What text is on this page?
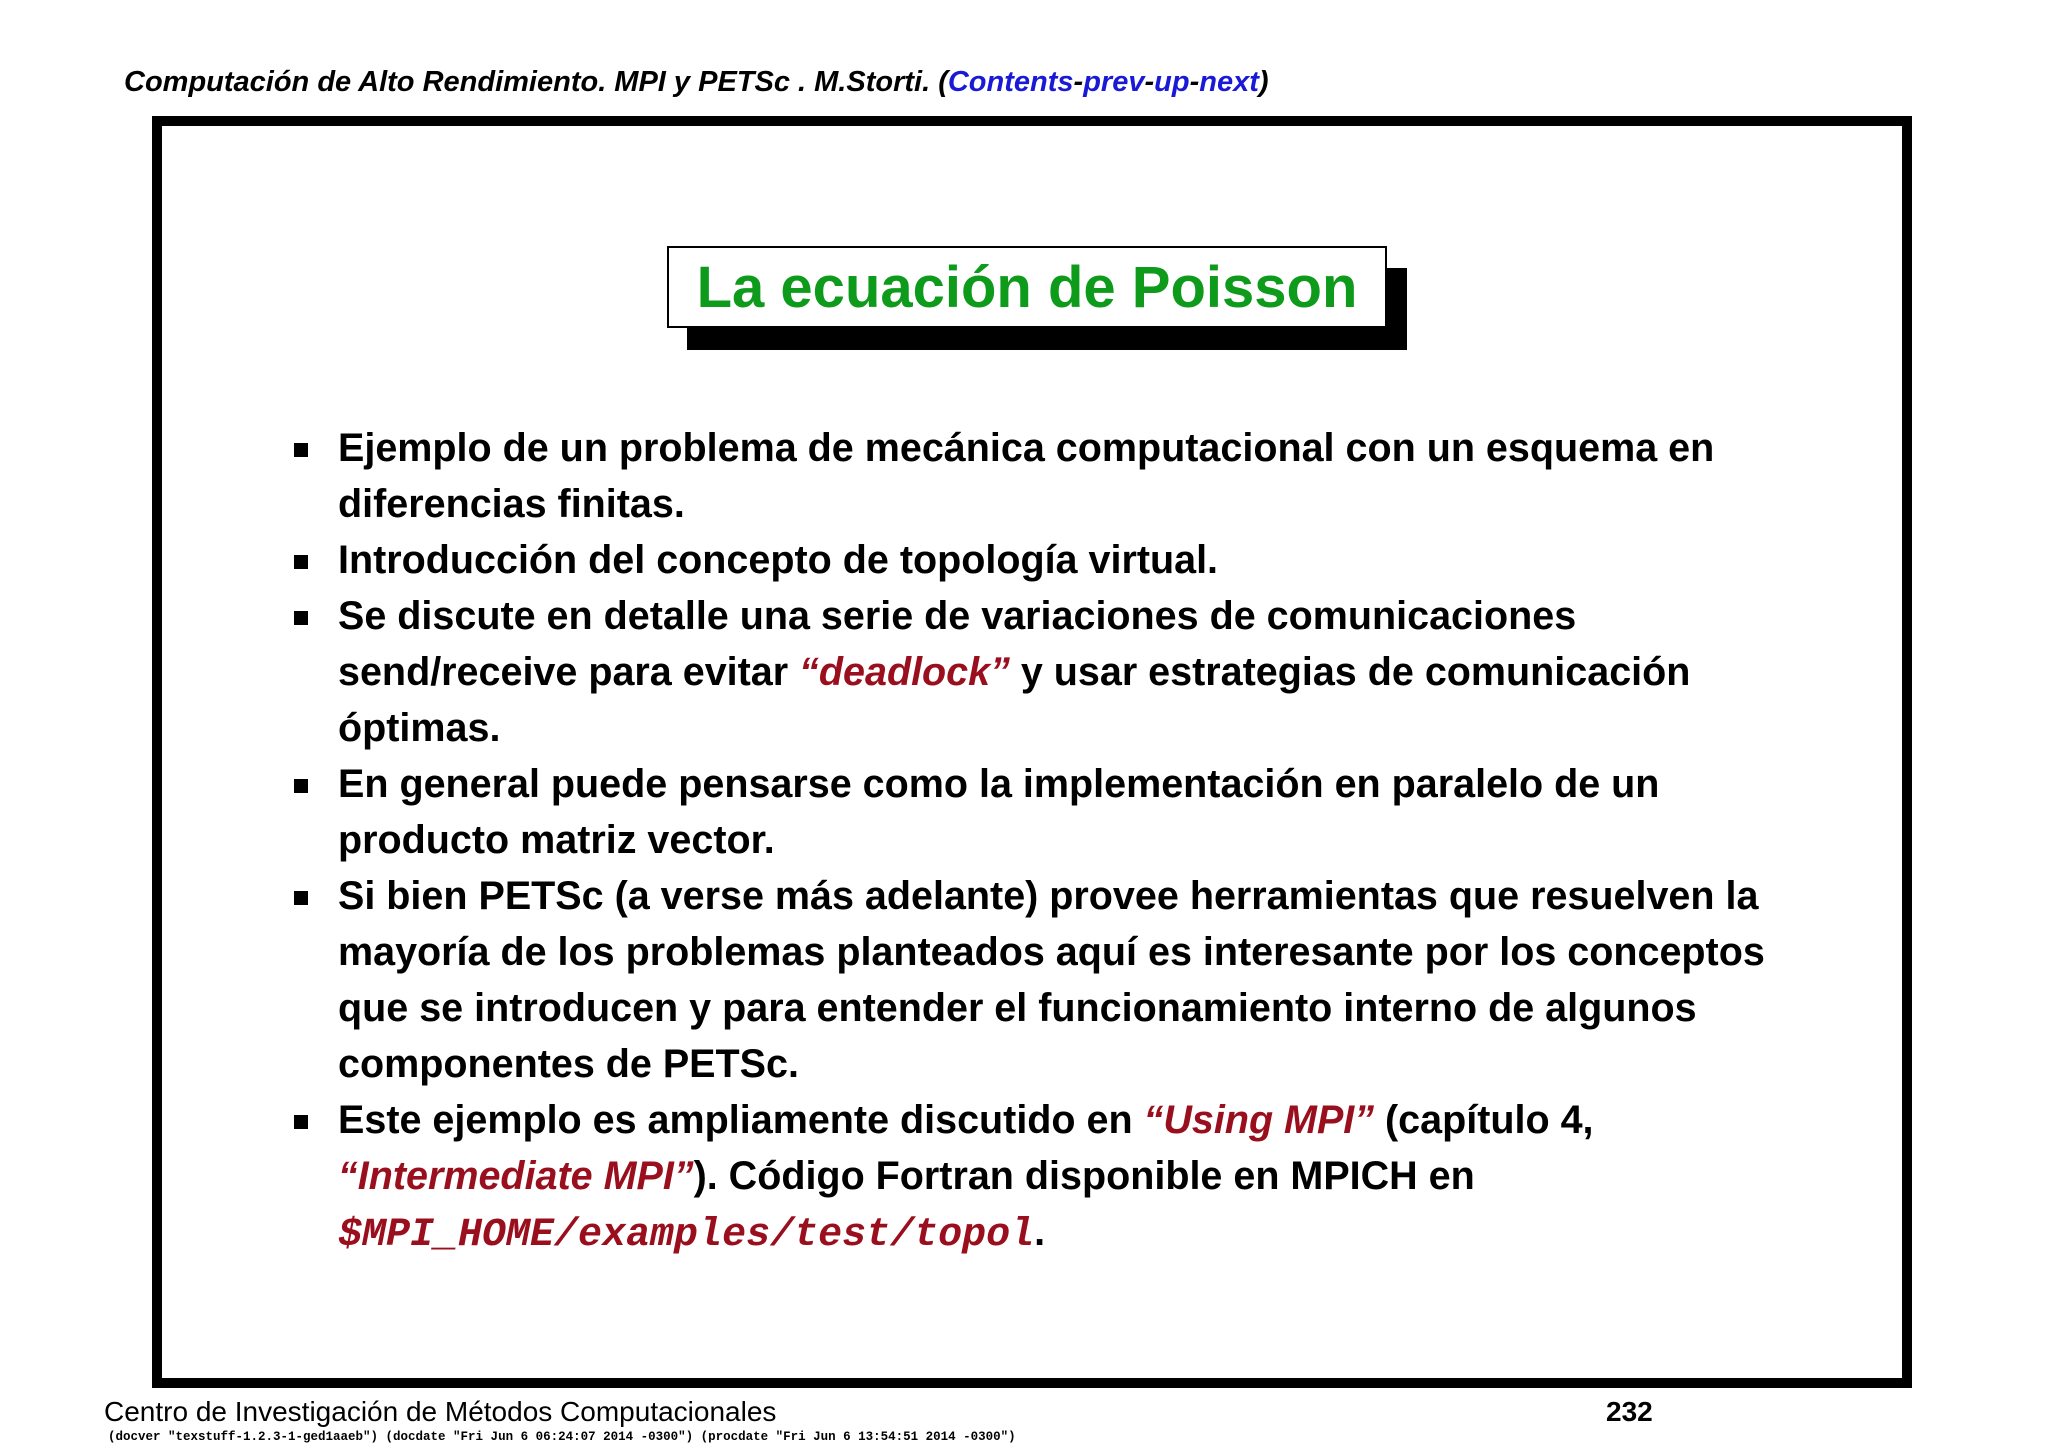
Computación de Alto Rendimiento. MPI y PETSc . M.Storti. (Contents-prev-up-next)
La ecuación de Poisson
Ejemplo de un problema de mecánica computacional con un esquema en diferencias finitas.
Introducción del concepto de topología virtual.
Se discute en detalle una serie de variaciones de comunicaciones send/receive para evitar “deadlock” y usar estrategias de comunicación óptimas.
En general puede pensarse como la implementación en paralelo de un producto matriz vector.
Si bien PETSc (a verse más adelante) provee herramientas que resuelven la mayoría de los problemas planteados aquí es interesante por los conceptos que se introducen y para entender el funcionamiento interno de algunos componentes de PETSc.
Este ejemplo es ampliamente discutido en “Using MPI” (capítulo 4, “Intermediate MPI”). Código Fortran disponible en MPICH en $MPI_HOME/examples/test/topol.
Centro de Investigación de Métodos Computacionales	232
(docver "texstuff-1.2.3-1-ged1aaeb") (docdate "Fri Jun 6 06:24:07 2014 -0300") (procdate "Fri Jun 6 13:54:51 2014 -0300")
